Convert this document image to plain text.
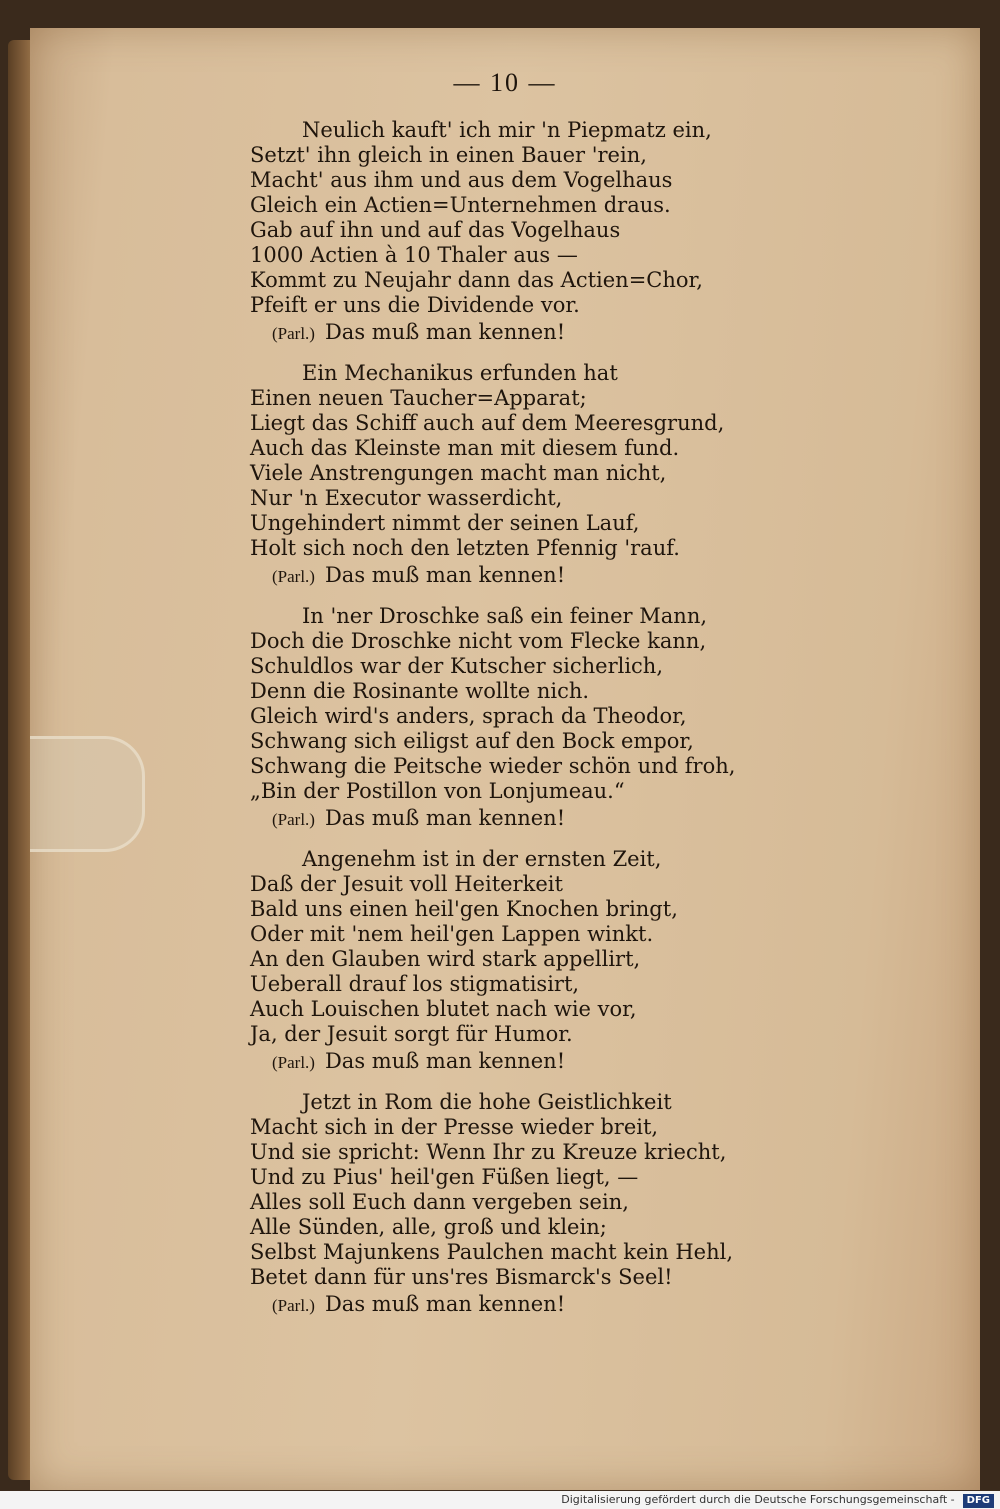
— 10 —
Neulich kauft' ich mir 'n Piepmatz ein,
Setzt' ihn gleich in einen Bauer 'rein,
Macht' aus ihm und aus dem Vogelhaus
Gleich ein Actien=Unternehmen draus.
Gab auf ihn und auf das Vogelhaus
1000 Actien à 10 Thaler aus —
Kommt zu Neujahr dann das Actien=Chor,
Pfeift er uns die Dividende vor.
(Parl.) Das muß man kennen!
Ein Mechanikus erfunden hat
Einen neuen Taucher=Apparat;
Liegt das Schiff auch auf dem Meeresgrund,
Auch das Kleinste man mit diesem fund.
Viele Anstrengungen macht man nicht,
Nur 'n Executor wasserdicht,
Ungehindert nimmt der seinen Lauf,
Holt sich noch den letzten Pfennig 'rauf.
(Parl.) Das muß man kennen!
In 'ner Droschke saß ein feiner Mann,
Doch die Droschke nicht vom Flecke kann,
Schuldlos war der Kutscher sicherlich,
Denn die Rosinante wollte nich.
Gleich wird's anders, sprach da Theodor,
Schwang sich eiligst auf den Bock empor,
Schwang die Peitsche wieder schön und froh,
„Bin der Postillon von Lonjumeau.“
(Parl.) Das muß man kennen!
Angenehm ist in der ernsten Zeit,
Daß der Jesuit voll Heiterkeit
Bald uns einen heil'gen Knochen bringt,
Oder mit 'nem heil'gen Lappen winkt.
An den Glauben wird stark appellirt,
Ueberall drauf los stigmatisirt,
Auch Louischen blutet nach wie vor,
Ja, der Jesuit sorgt für Humor.
(Parl.) Das muß man kennen!
Jetzt in Rom die hohe Geistlichkeit
Macht sich in der Presse wieder breit,
Und sie spricht: Wenn Ihr zu Kreuze kriecht,
Und zu Pius' heil'gen Füßen liegt, —
Alles soll Euch dann vergeben sein,
Alle Sünden, alle, groß und klein;
Selbst Majunkens Paulchen macht kein Hehl,
Betet dann für uns'res Bismarck's Seel!
(Parl.) Das muß man kennen!
Digitalisierung gefördert durch die Deutsche Forschungsgemeinschaft - DFG
